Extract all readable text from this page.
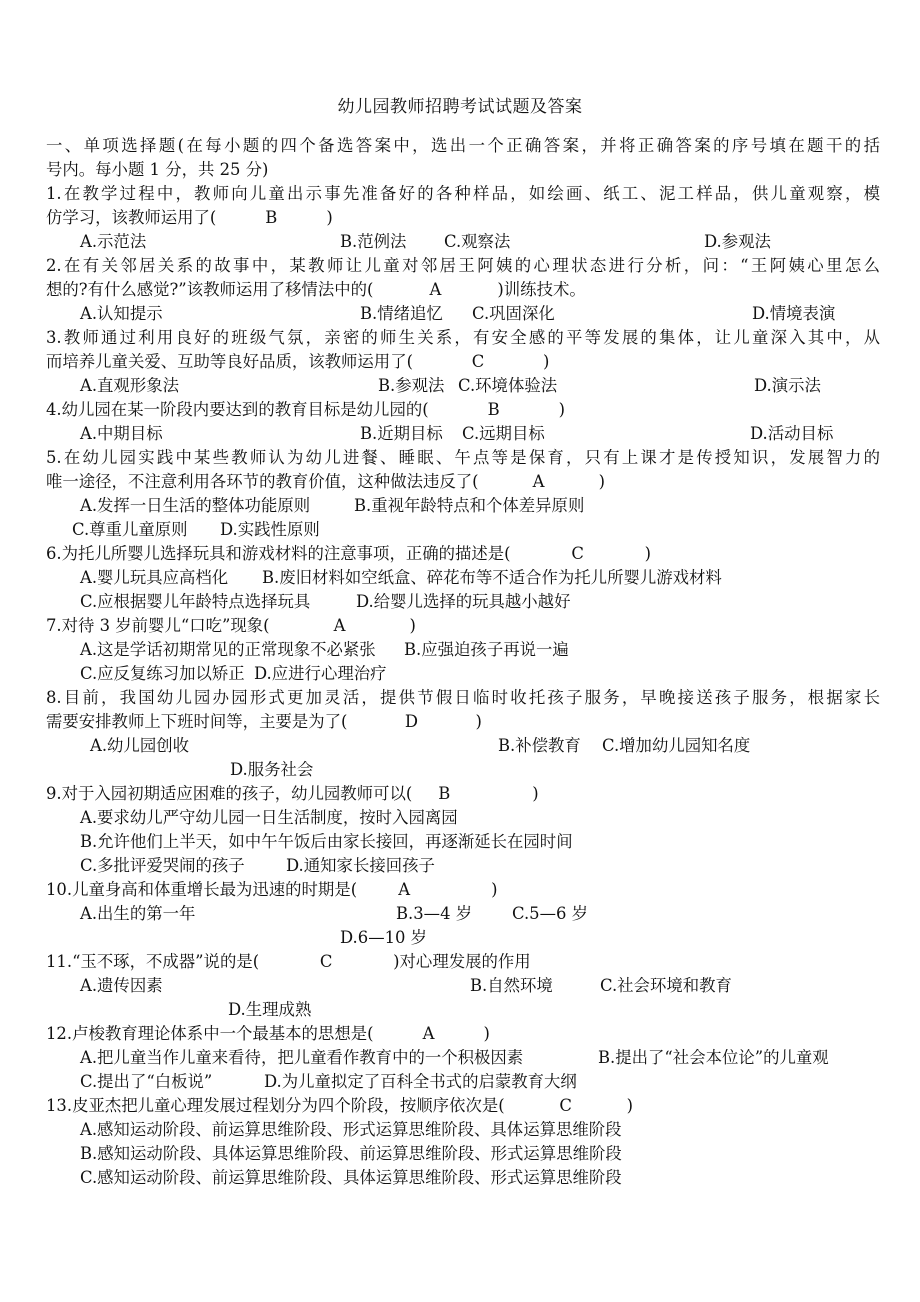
幼儿园教师招聘考试试题及答案
一、单项选择题(在每小题的四个备选答案中，选出一个正确答案，并将正确答案的序号填在题干的括
号内。每小题 1 分，共 25 分)
1.在教学过程中，教师向儿童出示事先准备好的各种样品，如绘画、纸工、泥工样品，供儿童观察，模
仿学习，该教师运用了(	B	)
A.示范法	B.范例法 C.观察法	D.参观法
2.在有关邻居关系的故事中，某教师让儿童对邻居王阿姨的心理状态进行分析，问：“王阿姨心里怎么
想的?有什么感觉?”该教师运用了移情法中的(	A	)训练技术。
A.认知提示	B.情绪追忆 C.巩固深化	D.情境表演
3.教师通过利用良好的班级气氛，亲密的师生关系，有安全感的平等发展的集体，让儿童深入其中，从
而培养儿童关爱、互助等良好品质，该教师运用了(	C	)
A.直观形象法	B.参观法 C.环境体验法	D.演示法
4.幼儿园在某一阶段内要达到的教育目标是幼儿园的(	B	)
A.中期目标	B.近期目标 C.远期目标	D.活动目标
5.在幼儿园实践中某些教师认为幼儿进餐、睡眠、午点等是保育，只有上课才是传授知识，发展智力的
唯一途径，不注意利用各环节的教育价值，这种做法违反了(	A	)
A.发挥一日生活的整体功能原则	B.重视年龄特点和个体差异原则
C.尊重儿童原则 D.实践性原则
6.为托儿所婴儿选择玩具和游戏材料的注意事项，正确的描述是(	C	)
A.婴儿玩具应高档化 B.废旧材料如空纸盒、碎花布等不适合作为托儿所婴儿游戏材料
C.应根据婴儿年龄特点选择玩具	D.给婴儿选择的玩具越小越好
7.对待 3 岁前婴儿“口吃”现象(	A	)
A.这是学话初期常见的正常现象不必紧张 B.应强迫孩子再说一遍
C.应反复练习加以矫正 D.应进行心理治疗
8.目前，我国幼儿园办园形式更加灵活，提供节假日临时收托孩子服务，早晚接送孩子服务，根据家长
需要安排教师上下班时间等，主要是为了(	D	)
A.幼儿园创收	B.补偿教育 C.增加幼儿园知名度
D.服务社会
9.对于入园初期适应困难的孩子，幼儿园教师可以( B	)
A.要求幼儿严守幼儿园一日生活制度，按时入园离园
B.允许他们上半天，如中午午饭后由家长接回，再逐渐延长在园时间
C.多批评爱哭闹的孩子	D.通知家长接回孩子
10.儿童身高和体重增长最为迅速的时期是(	A	)
A.出生的第一年	B.3—4 岁 C.5—6 岁
D.6—10 岁
11.“玉不琢，不成器”说的是(	C	)对心理发展的作用
A.遗传因素	B.自然环境	C.社会环境和教育
D.生理成熟
12.卢梭教育理论体系中一个最基本的思想是(	A	)
A.把儿童当作儿童来看待，把儿童看作教育中的一个积极因素	B.提出了“社会本位论”的儿童观
C.提出了“白板说”	D.为儿童拟定了百科全书式的启蒙教育大纲
13.皮亚杰把儿童心理发展过程划分为四个阶段，按顺序依次是(	C	)
A.感知运动阶段、前运算思维阶段、形式运算思维阶段、具体运算思维阶段
B.感知运动阶段、具体运算思维阶段、前运算思维阶段、形式运算思维阶段
C.感知运动阶段、前运算思维阶段、具体运算思维阶段、形式运算思维阶段
